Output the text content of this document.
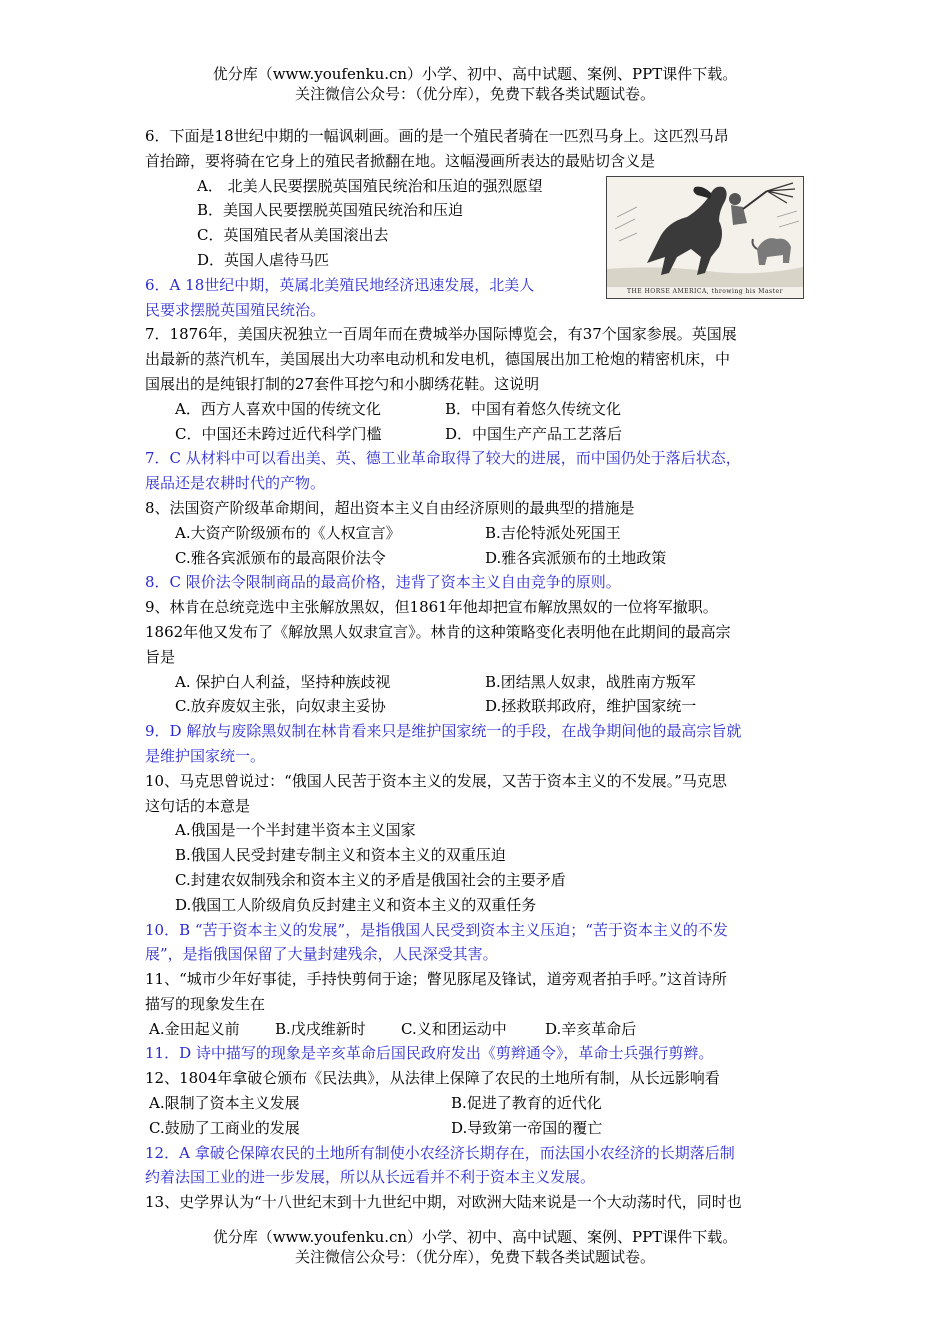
优分库（www.youfenku.cn）小学、初中、高中试题、案例、PPT课件下载。
关注微信公众号：（优分库），免费下载各类试题试卷。
THE HORSE AMERICA, throwing his Master

6．下面是18世纪中期的一幅讽刺画。画的是一个殖民者骑在一匹烈马身上。这匹烈马昂

首抬蹄，要将骑在它身上的殖民者掀翻在地。这幅漫画所表达的最贴切含义是

A． 北美人民要摆脱英国殖民统治和压迫的强烈愿望

B．美国人民要摆脱英国殖民统治和压迫

C．英国殖民者从美国滚出去

D．英国人虐待马匹

6．A 18世纪中期，英属北美殖民地经济迅速发展，北美人

民要求摆脱英国殖民统治。

7．1876年，美国庆祝独立一百周年而在费城举办国际博览会，有37个国家参展。英国展

出最新的蒸汽机车，美国展出大功率电动机和发电机，德国展出加工枪炮的精密机床，中

国展出的是纯银打制的27套件耳挖勺和小脚绣花鞋。这说明

A．西方人喜欢中国的传统文化	B．中国有着悠久传统文化
C．中国还未跨过近代科学门槛	D．中国生产产品工艺落后

7．C 从材料中可以看出美、英、德工业革命取得了较大的进展，而中国仍处于落后状态，

展品还是农耕时代的产物。

8、法国资产阶级革命期间，超出资本主义自由经济原则的最典型的措施是

A.大资产阶级颁布的《人权宣言》	B.吉伦特派处死国王
C.雅各宾派颁布的最高限价法令	D.雅各宾派颁布的土地政策

8．C 限价法令限制商品的最高价格，违背了资本主义自由竞争的原则。

9、林肯在总统竞选中主张解放黑奴，但1861年他却把宣布解放黑奴的一位将军撤职。

1862年他又发布了《解放黑人奴隶宣言》。林肯的这种策略变化表明他在此期间的最高宗

旨是

A. 保护白人利益，坚持种族歧视	B.团结黑人奴隶，战胜南方叛军
C.放弃废奴主张，向奴隶主妥协	D.拯救联邦政府，维护国家统一

9．D 解放与废除黑奴制在林肯看来只是维护国家统一的手段，在战争期间他的最高宗旨就

是维护国家统一。

10、马克思曾说过：“俄国人民苦于资本主义的发展，又苦于资本主义的不发展。”马克思

这句话的本意是

A.俄国是一个半封建半资本主义国家

B.俄国人民受封建专制主义和资本主义的双重压迫

C.封建农奴制残余和资本主义的矛盾是俄国社会的主要矛盾

D.俄国工人阶级肩负反封建主义和资本主义的双重任务

10．B “苦于资本主义的发展”，是指俄国人民受到资本主义压迫；“苦于资本主义的不发

展”，是指俄国保留了大量封建残余，人民深受其害。

11、“城市少年好事徒，手持快剪伺于途；瞥见豚尾及锋试，道旁观者拍手呼。”这首诗所

描写的现象发生在

A.金田起义前	B.戊戌维新时	C.义和团运动中	D.辛亥革命后

11．D 诗中描写的现象是辛亥革命后国民政府发出《剪辫通令》，革命士兵强行剪辫。

12、1804年拿破仑颁布《民法典》，从法律上保障了农民的土地所有制，从长远影响看

A.限制了资本主义发展	B.促进了教育的近代化
C.鼓励了工商业的发展	D.导致第一帝国的覆亡

12．A 拿破仑保障农民的土地所有制使小农经济长期存在，而法国小农经济的长期落后制

约着法国工业的进一步发展，所以从长远看并不利于资本主义发展。

13、史学界认为“十八世纪末到十九世纪中期，对欧洲大陆来说是一个大动荡时代，同时也

优分库（www.youfenku.cn）小学、初中、高中试题、案例、PPT课件下载。
关注微信公众号：（优分库），免费下载各类试题试卷。
